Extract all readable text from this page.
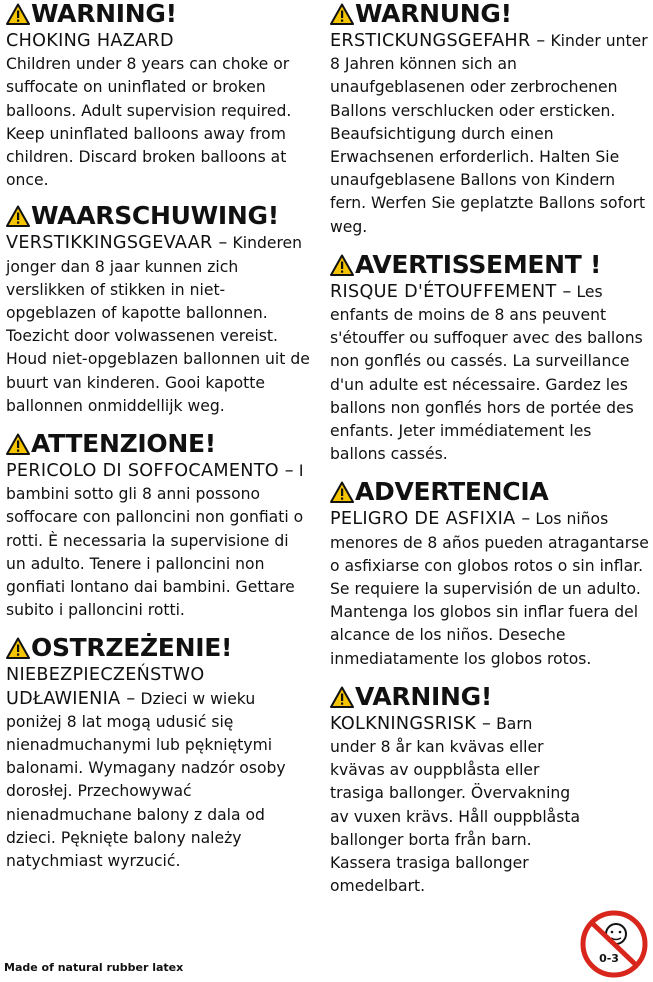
WARNING!

CHOKING HAZARD
Children under 8 years can choke or suffocate on uninflated or broken balloons. Adult supervision required. Keep uninflated balloons away from children. Discard broken balloons at once.

WAARSCHUWING!

VERSTIKKINGSGEVAAR – Kinderen jonger dan 8 jaar kunnen zich verslikken of stikken in niet-opgeblazen of kapotte ballonnen. Toezicht door volwassenen vereist. Houd niet-opgeblazen ballonnen uit de buurt van kinderen. Gooi kapotte ballonnen onmiddellijk weg.

ATTENZIONE!

PERICOLO DI SOFFOCAMENTO – I bambini sotto gli 8 anni possono soffocare con palloncini non gonfiati o rotti. È necessaria la supervisione di un adulto. Tenere i palloncini non gonfiati lontano dai bambini. Gettare subito i palloncini rotti.

OSTRZEŻENIE!

NIEBEZPIECZEŃSTWO UDŁAWIENIA – Dzieci w wieku poniżej 8 lat mogą udusić się nienadmuchanymi lub pękniętymi balonami. Wymagany nadzór osoby dorosłej. Przechowywać nienadmuchane balony z dala od dzieci. Pęknięte balony należy natychmiast wyrzucić.

WARNUNG!

ERSTICKUNGSGEFAHR – Kinder unter 8 Jahren können sich an unaufgeblasenen oder zerbrochenen Ballons verschlucken oder ersticken. Beaufsichtigung durch einen Erwachsenen erforderlich. Halten Sie unaufgeblasene Ballons von Kindern fern. Werfen Sie geplatzte Ballons sofort weg.

AVERTISSEMENT !

RISQUE D'ÉTOUFFEMENT – Les enfants de moins de 8 ans peuvent s'étouffer ou suffoquer avec des ballons non gonflés ou cassés. La surveillance d'un adulte est nécessaire. Gardez les ballons non gonflés hors de portée des enfants. Jeter immédiatement les ballons cassés.

ADVERTENCIA

PELIGRO DE ASFIXIA – Los niños menores de 8 años pueden atragantarse o asfixiarse con globos rotos o sin inflar. Se requiere la supervisión de un adulto. Mantenga los globos sin inflar fuera del alcance de los niños. Deseche inmediatamente los globos rotos.

VARNING!

KOLKNINGSRISK – Barn under 8 år kan kvävas eller kvävas av ouppblåsta eller trasiga ballonger. Övervakning av vuxen krävs. Håll ouppblåsta ballonger borta från barn. Kassera trasiga ballonger omedelbart.

Made of natural rubber latex
0-3
